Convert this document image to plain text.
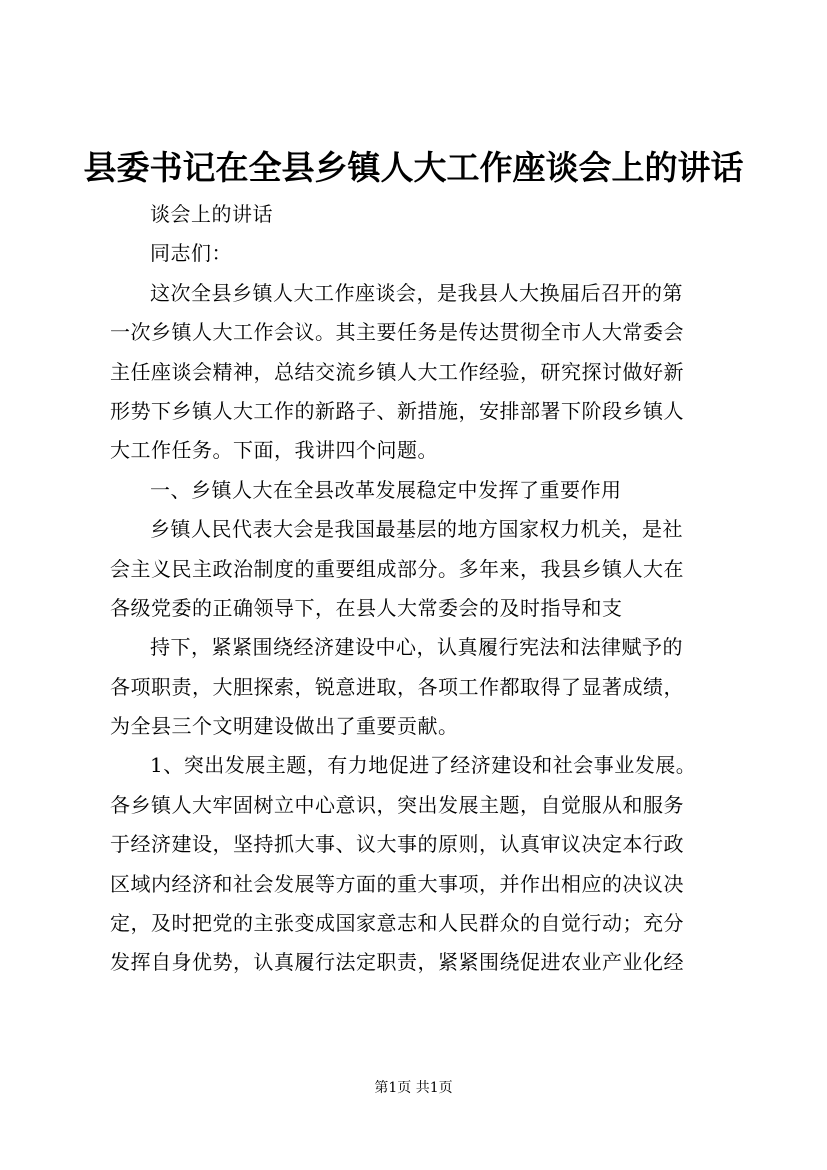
县委书记在全县乡镇人大工作座谈会上的讲话
谈会上的讲话
同志们：
这次全县乡镇人大工作座谈会，是我县人大换届后召开的第
一次乡镇人大工作会议。其主要任务是传达贯彻全市人大常委会
主任座谈会精神，总结交流乡镇人大工作经验，研究探讨做好新
形势下乡镇人大工作的新路子、新措施，安排部署下阶段乡镇人
大工作任务。下面，我讲四个问题。
一、乡镇人大在全县改革发展稳定中发挥了重要作用
乡镇人民代表大会是我国最基层的地方国家权力机关，是社
会主义民主政治制度的重要组成部分。多年来，我县乡镇人大在
各级党委的正确领导下，在县人大常委会的及时指导和支
持下，紧紧围绕经济建设中心，认真履行宪法和法律赋予的
各项职责，大胆探索，锐意进取，各项工作都取得了显著成绩，
为全县三个文明建设做出了重要贡献。
1、突出发展主题，有力地促进了经济建设和社会事业发展。
各乡镇人大牢固树立中心意识，突出发展主题，自觉服从和服务
于经济建设，坚持抓大事、议大事的原则，认真审议决定本行政
区域内经济和社会发展等方面的重大事项，并作出相应的决议决
定，及时把党的主张变成国家意志和人民群众的自觉行动；充分
发挥自身优势，认真履行法定职责，紧紧围绕促进农业产业化经
第1页 共1页
